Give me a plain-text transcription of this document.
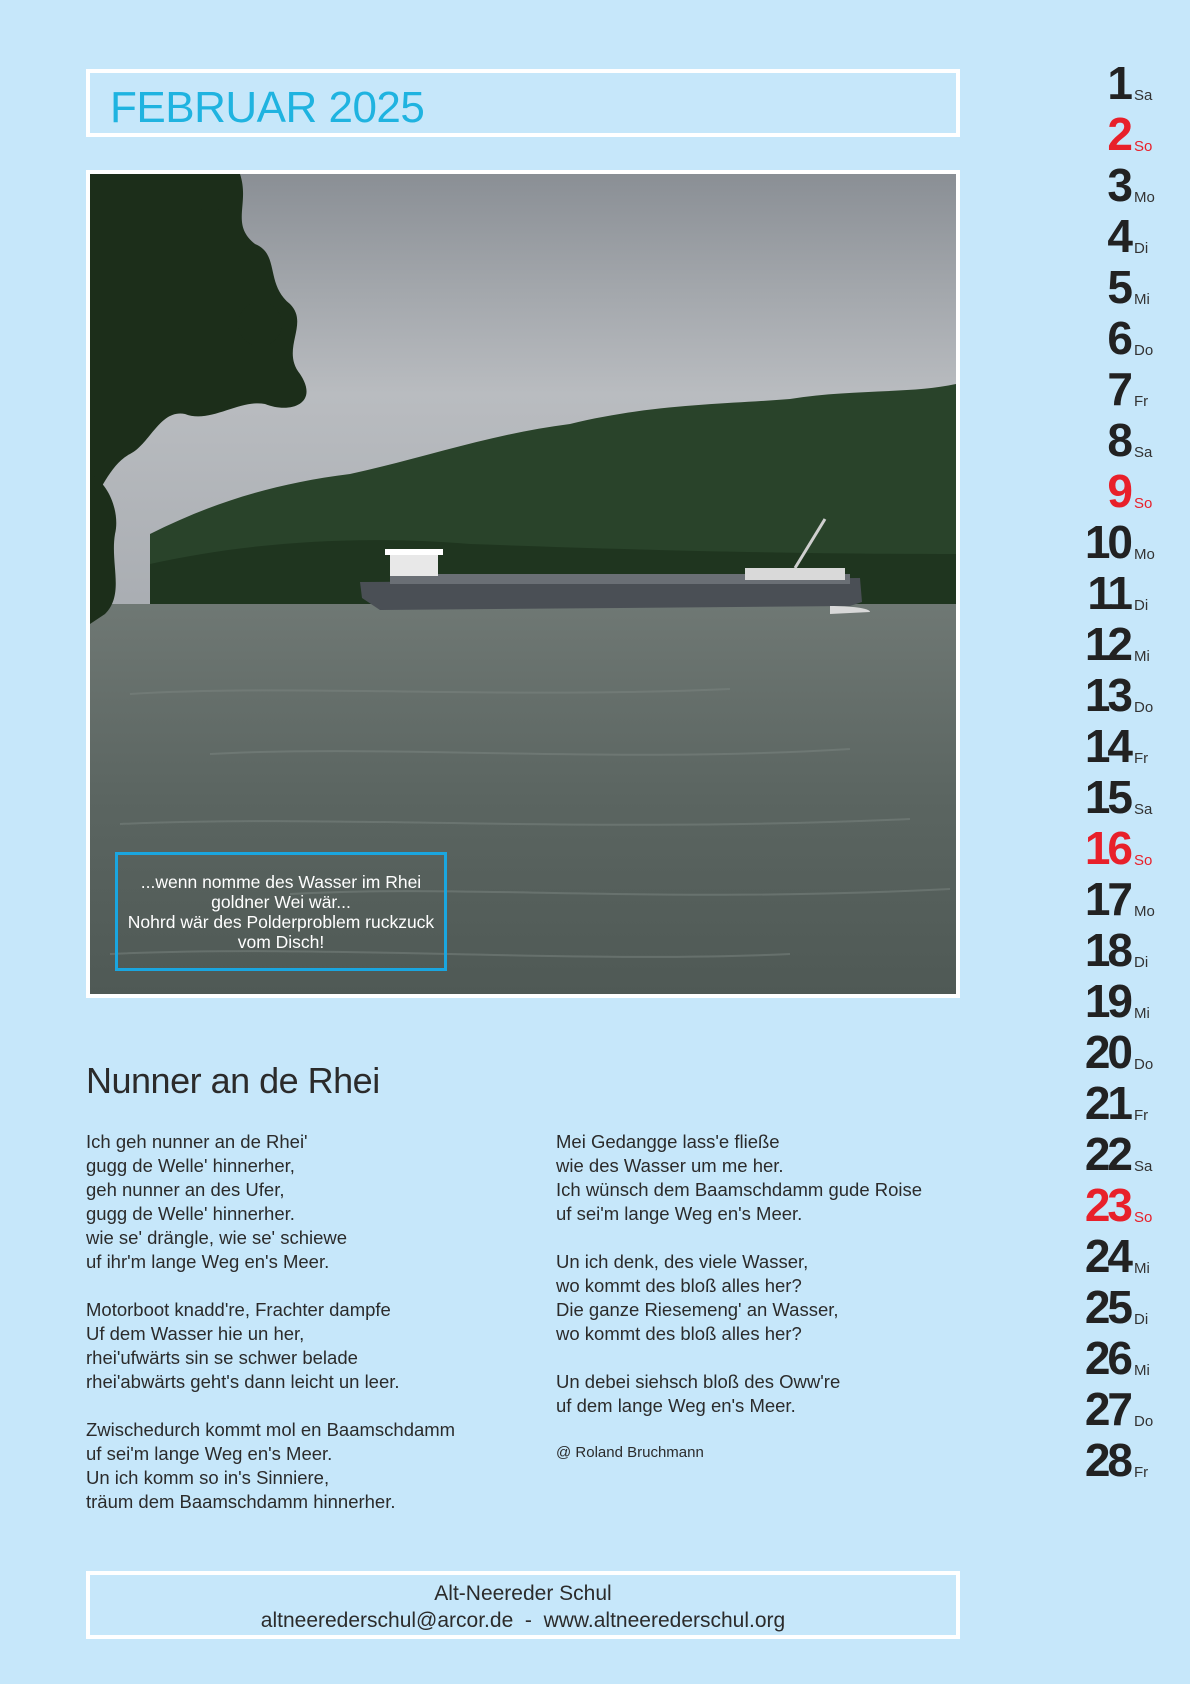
FEBRUAR 2025
...wenn nomme des Wasser im Rhei
goldner Wei wär...
Nohrd wär des Polderproblem ruckzuck
vom Disch!
Nunner an de Rhei
Ich geh nunner an de Rhei'
gugg de Welle' hinnerher,
geh nunner an des Ufer,
gugg de Welle' hinnerher.
wie se' drängle, wie se' schiewe
uf ihr'm lange Weg en's Meer.
Motorboot knadd're, Frachter dampfe
Uf dem Wasser hie un her,
rhei'ufwärts sin se schwer belade
rhei'abwärts geht's dann leicht un leer.
Zwischedurch kommt mol en Baamschdamm
uf sei'm lange Weg en's Meer.
Un ich komm so in's Sinniere,
träum dem Baamschdamm hinnerher.
Mei Gedangge lass'e fließe
wie des Wasser um me her.
Ich wünsch dem Baamschdamm gude Roise
uf sei'm lange Weg en's Meer.
Un ich denk, des viele Wasser,
wo kommt des bloß alles her?
Die ganze Riesemeng' an Wasser,
wo kommt des bloß alles her?
Un debei siehsch bloß des Oww're
uf dem lange Weg en's Meer.
@ Roland Bruchmann
Alt-Neereder Schul
altneerederschul@arcor.de  -  www.altneerederschul.org
1 Sa
2 So
3 Mo
4 Di
5 Mi
6 Do
7 Fr
8 Sa
9 So
10 Mo
11 Di
12 Mi
13 Do
14 Fr
15 Sa
16 So
17 Mo
18 Di
19 Mi
20 Do
21 Fr
22 Sa
23 So
24 Mi
25 Di
26 Mi
27 Do
28 Fr
